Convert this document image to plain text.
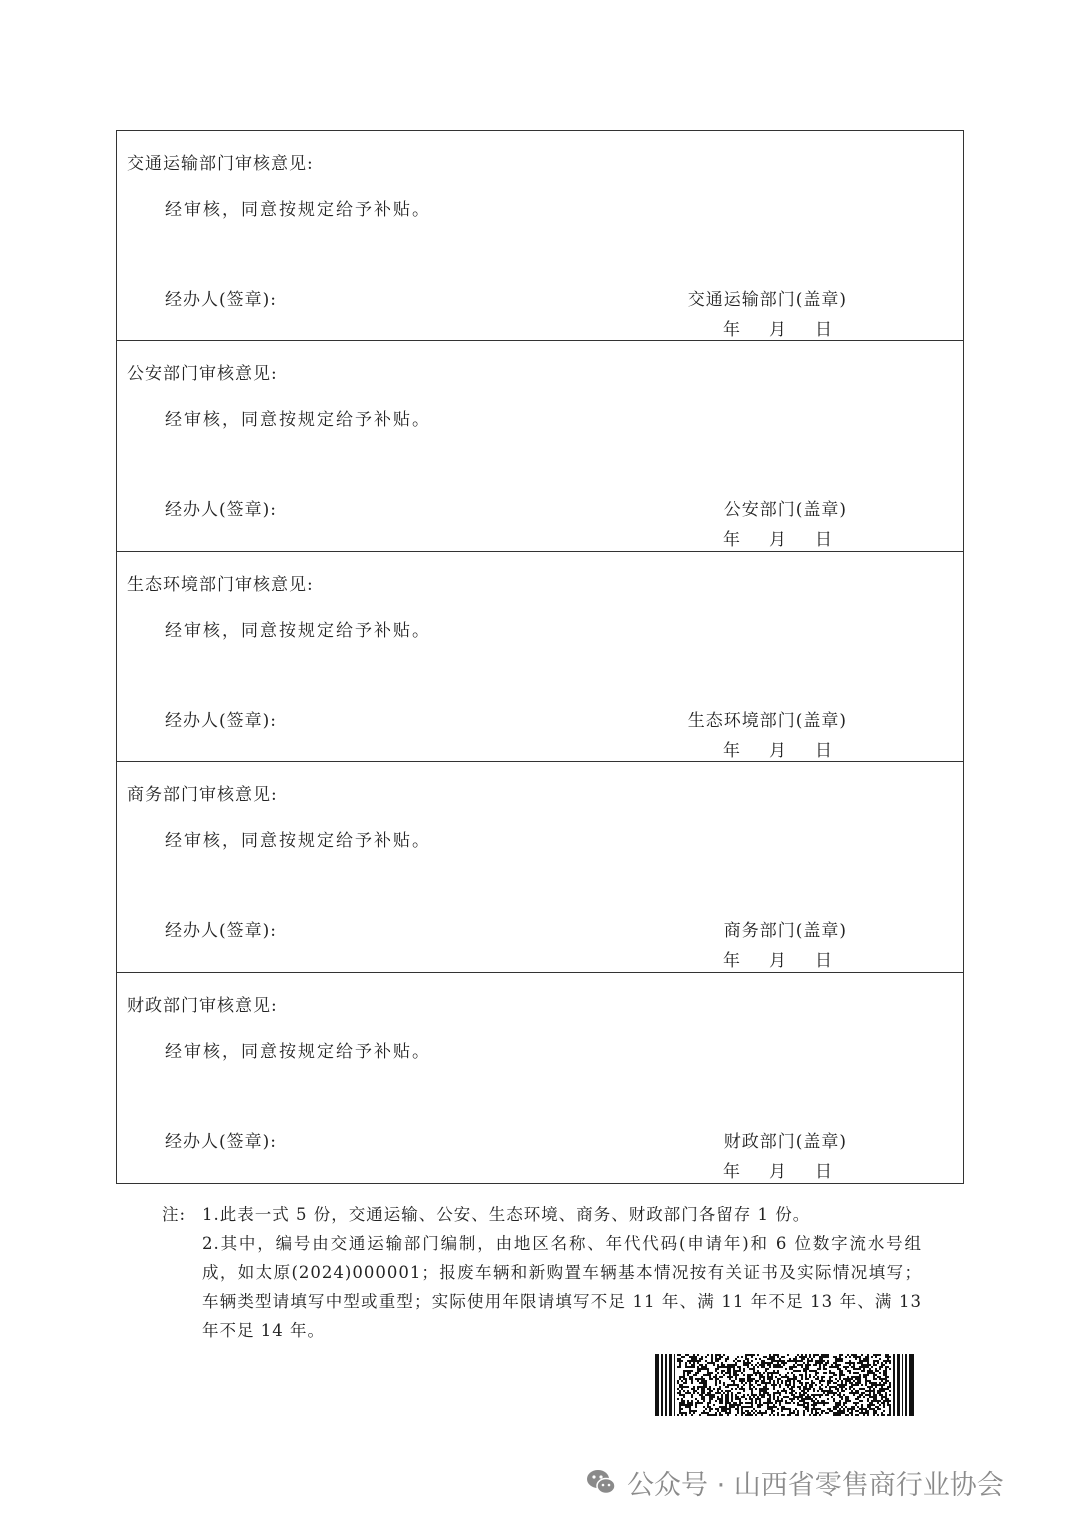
交通运输部门审核意见:
经审核，同意按规定给予补贴。
经办人(签章):	交通运输部门(盖章)
年 月 日
公安部门审核意见:
经审核，同意按规定给予补贴。
经办人(签章):	公安部门(盖章)
年 月 日
生态环境部门审核意见:
经审核，同意按规定给予补贴。
经办人(签章):	生态环境部门(盖章)
年 月 日
商务部门审核意见:
经审核，同意按规定给予补贴。
经办人(签章):	商务部门(盖章)
年 月 日
财政部门审核意见:
经审核，同意按规定给予补贴。
经办人(签章):	财政部门(盖章)
年 月 日
注: 1.此表一式 5 份，交通运输、公安、生态环境、商务、财政部门各留存 1 份。
2.其中，编号由交通运输部门编制，由地区名称、年代代码(申请年)和 6 位数字流水号组成，如太原(2024)000001；报废车辆和新购置车辆基本情况按有关证书及实际情况填写；车辆类型请填写中型或重型；实际使用年限请填写不足 11 年、满 11 年不足 13 年、满 13 年不足 14 年。
公众号 · 山西省零售商行业协会
